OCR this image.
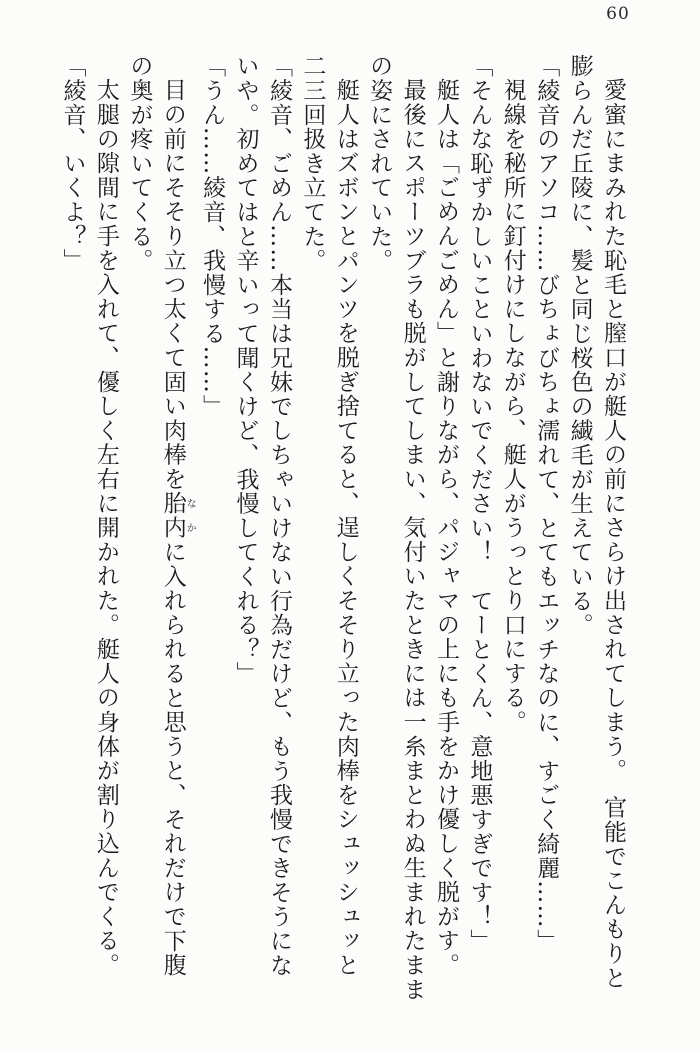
60

愛蜜にまみれた恥毛と膣口が艇人の前にさらけ出されてしまう。　官能でこんもりと

膨らんだ丘陵に、髪と同じ桜色の繊毛が生えている。

「綾音のアソコ……びちょびちょ濡れて、とてもエッチなのに、すごく綺麗……」

視線を秘所に釘付けにしながら、艇人がうっとり口にする。

「そんな恥ずかしいこといわないでください！　てーとくん、意地悪すぎです！」

艇人は「ごめんごめん」と謝りながら、パジャマの上にも手をかけ優しく脱がす。

最後にスポーツブラも脱がしてしまい、気付いたときには一糸まとわぬ生まれたまま

の姿にされていた。

艇人はズボンとパンツを脱ぎ捨てると、逞しくそそり立った肉棒をシュッシュッと

二三回扱き立てた。

「綾音、ごめん……本当は兄妹でしちゃいけない行為だけど、もう我慢できそうにな

いや。初めてはと辛いって聞くけど、我慢してくれる？」

「うん……綾音、我慢する……」

目の前にそそり立つ太くて固い肉棒を胎内なかに入れられると思うと、それだけで下腹

の奥が疼いてくる。

太腿の隙間に手を入れて、優しく左右に開かれた。艇人の身体が割り込んでくる。

「綾音、いくよ？」
